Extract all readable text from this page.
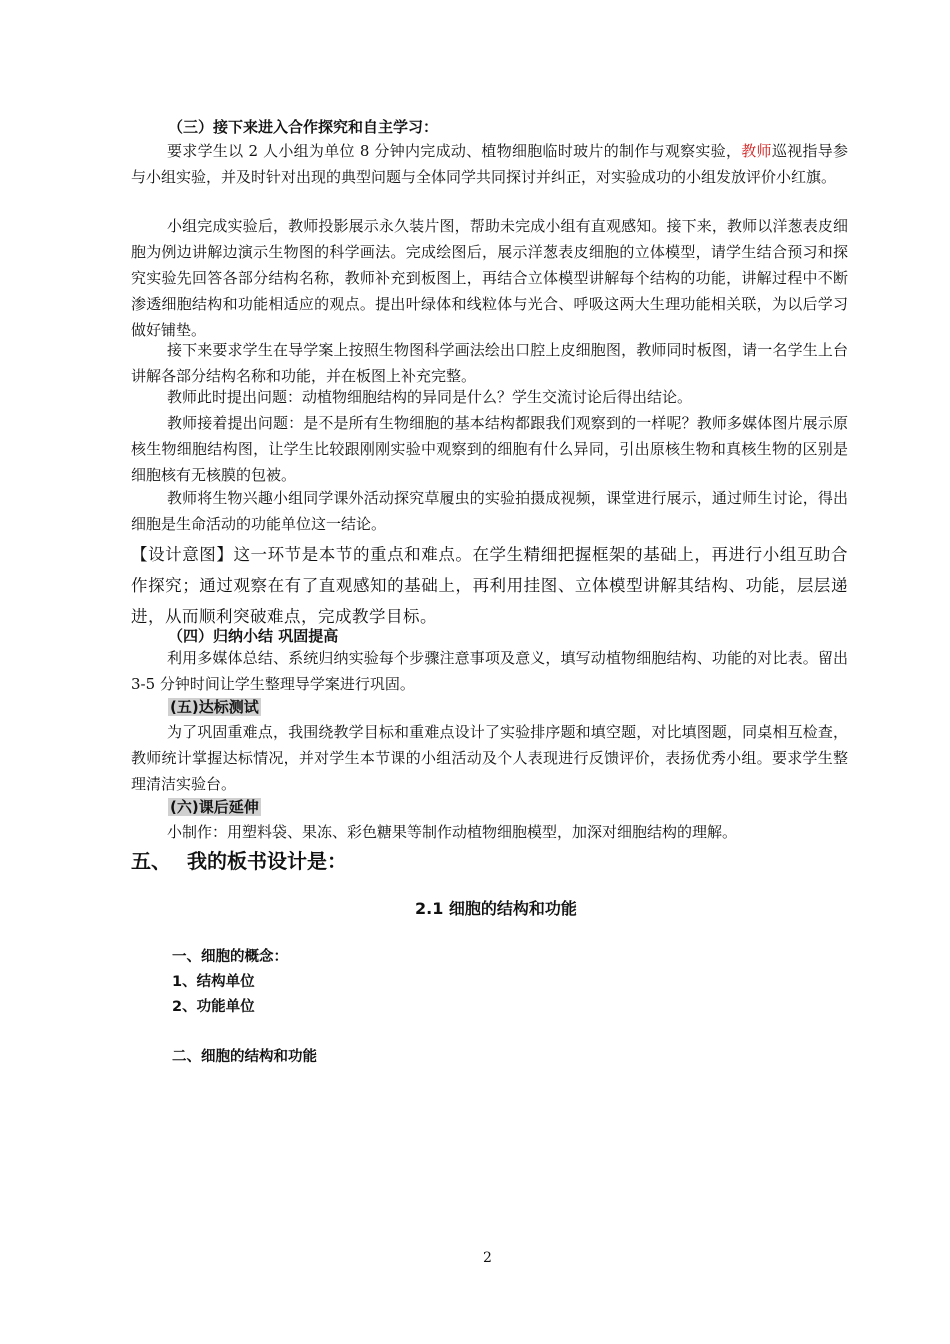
（三）接下来进入合作探究和自主学习：

要求学生以 2 人小组为单位 8 分钟内完成动、植物细胞临时玻片的制作与观察实验，教师巡视指导参与小组实验，并及时针对出现的典型问题与全体同学共同探讨并纠正，对实验成功的小组发放评价小红旗。

小组完成实验后，教师投影展示永久装片图，帮助未完成小组有直观感知。接下来，教师以洋葱表皮细胞为例边讲解边演示生物图的科学画法。完成绘图后，展示洋葱表皮细胞的立体模型，请学生结合预习和探究实验先回答各部分结构名称，教师补充到板图上，再结合立体模型讲解每个结构的功能，讲解过程中不断渗透细胞结构和功能相适应的观点。提出叶绿体和线粒体与光合、呼吸这两大生理功能相关联，为以后学习做好铺垫。

接下来要求学生在导学案上按照生物图科学画法绘出口腔上皮细胞图，教师同时板图，请一名学生上台讲解各部分结构名称和功能，并在板图上补充完整。

教师此时提出问题：动植物细胞结构的异同是什么？学生交流讨论后得出结论。

教师接着提出问题：是不是所有生物细胞的基本结构都跟我们观察到的一样呢？教师多媒体图片展示原核生物细胞结构图，让学生比较跟刚刚实验中观察到的细胞有什么异同，引出原核生物和真核生物的区别是细胞核有无核膜的包被。

教师将生物兴趣小组同学课外活动探究草履虫的实验拍摄成视频，课堂进行展示，通过师生讨论，得出细胞是生命活动的功能单位这一结论。

【设计意图】这一环节是本节的重点和难点。在学生精细把握框架的基础上，再进行小组互助合作探究；通过观察在有了直观感知的基础上，再利用挂图、立体模型讲解其结构、功能，层层递进，从而顺利突破难点，完成教学目标。

（四）归纳小结 巩固提高

利用多媒体总结、系统归纳实验每个步骤注意事项及意义，填写动植物细胞结构、功能的对比表。留出 3-5 分钟时间让学生整理导学案进行巩固。

(五)达标测试

为了巩固重难点，我围绕教学目标和重难点设计了实验排序题和填空题，对比填图题，同桌相互检查，教师统计掌握达标情况，并对学生本节课的小组活动及个人表现进行反馈评价，表扬优秀小组。要求学生整理清洁实验台。

(六)课后延伸

小制作：用塑料袋、果冻、彩色糖果等制作动植物细胞模型，加深对细胞结构的理解。

五、 我的板书设计是：
2.1 细胞的结构和功能
一、细胞的概念：
1、结构单位
2、功能单位
二、细胞的结构和功能
2
